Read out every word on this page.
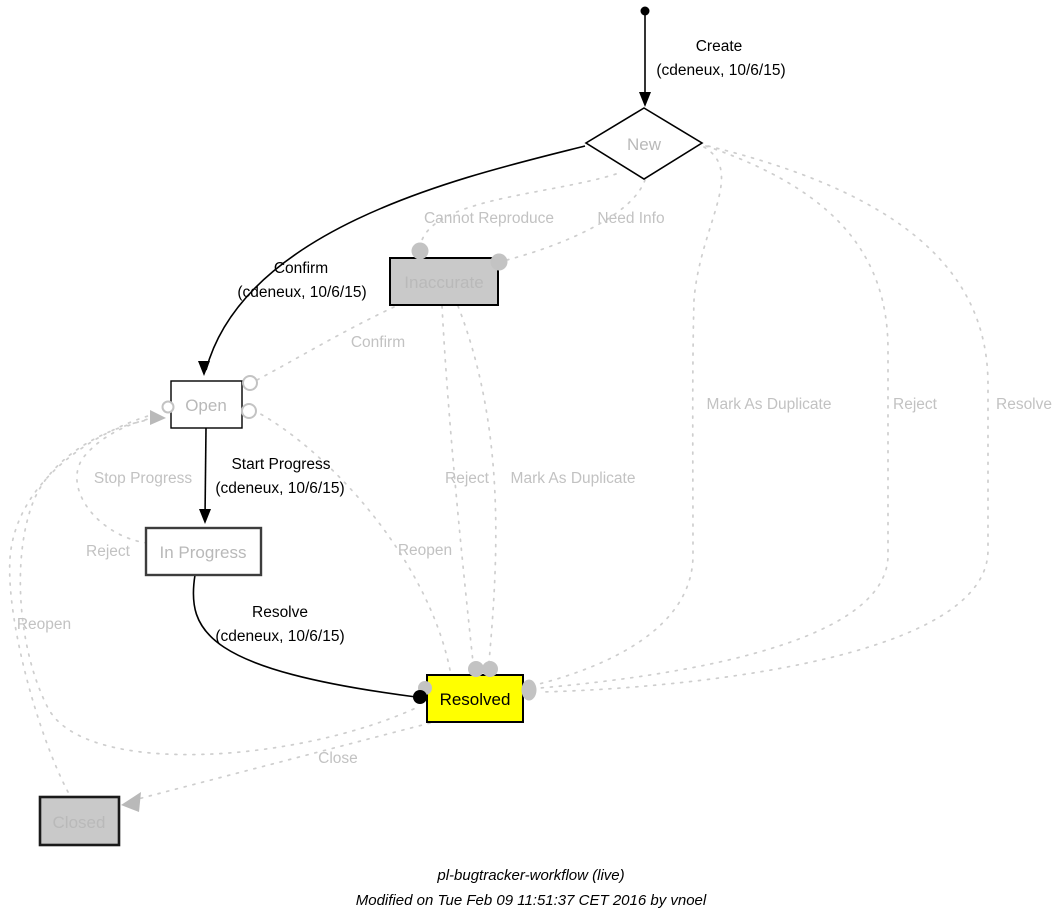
New
Inaccurate
Open
In Progress
Resolved
Closed
Create
(cdeneux, 10/6/15)
Confirm
(cdeneux, 10/6/15)
Start Progress
(cdeneux, 10/6/15)
Resolve
(cdeneux, 10/6/15)
Cannot Reproduce	Need Info
Confirm
Mark As Duplicate	Reject	Resolve
Stop Progress	Reject Mark As Duplicate
Reject	Reopen
Reopen
Close
pl-bugtracker-workflow (live)
Modified on Tue Feb 09 11:51:37 CET 2016 by vnoel
